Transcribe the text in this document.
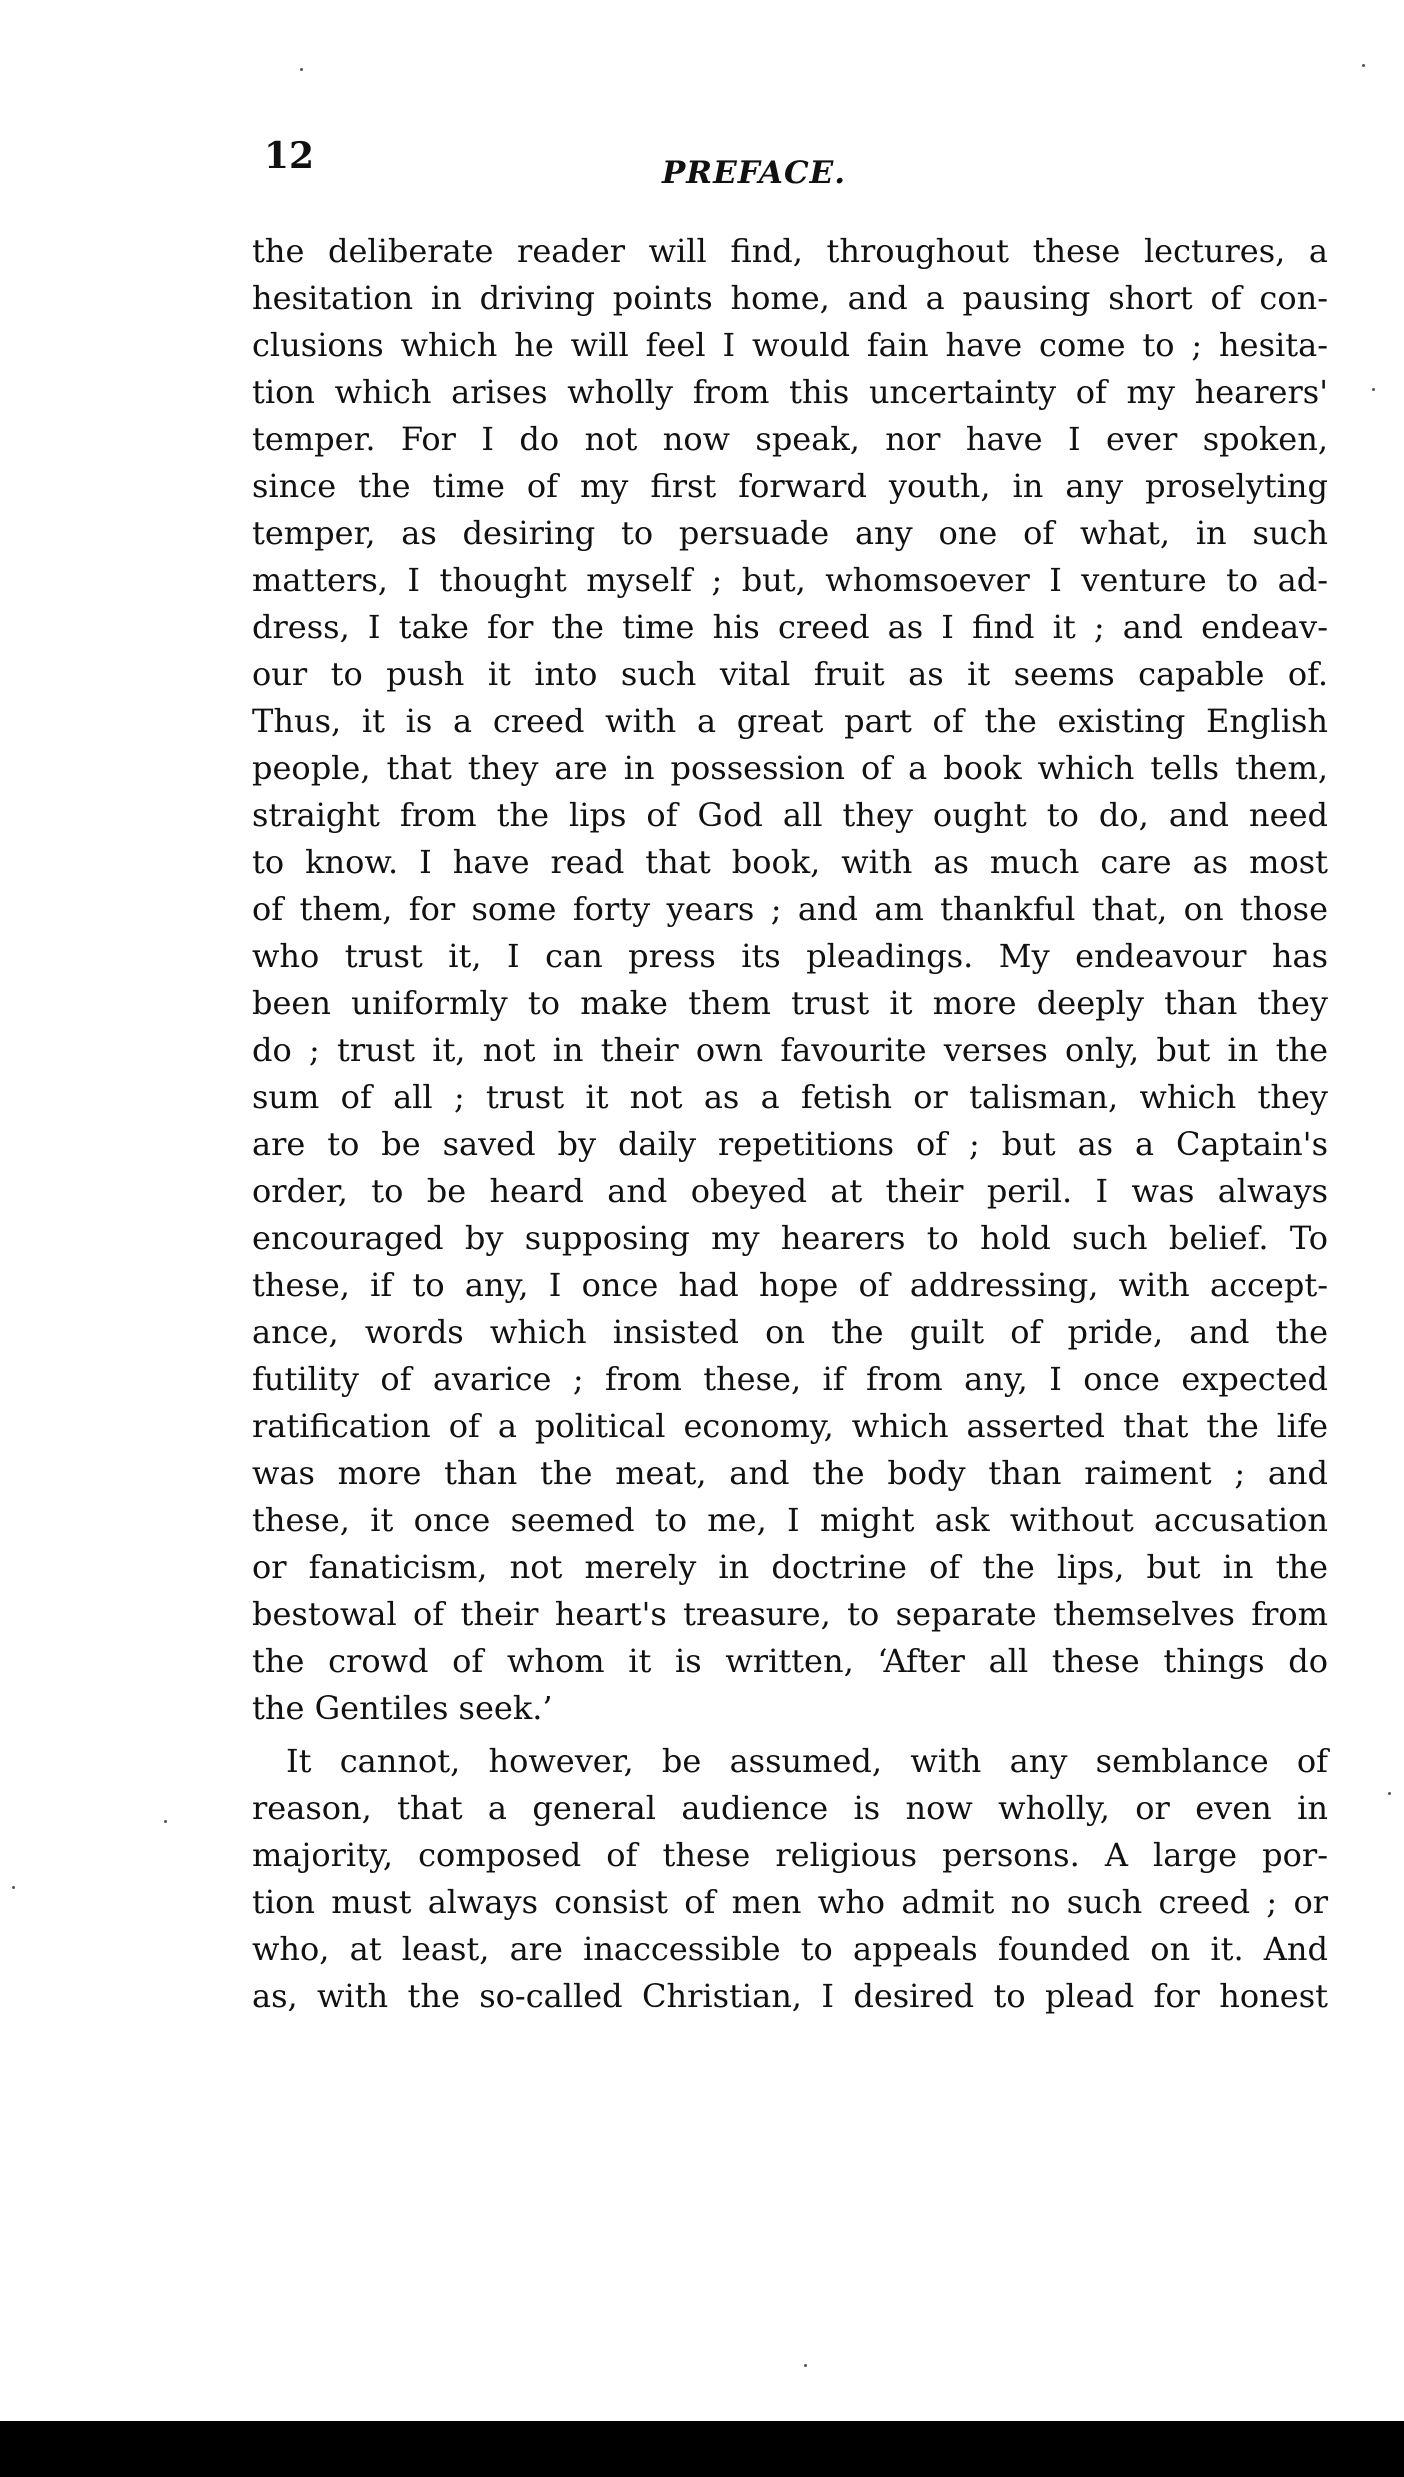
12	PREFACE.
the deliberate reader will find, throughout these lectures, a
hesitation in driving points home, and a pausing short of con-
clusions which he will feel I would fain have come to ; hesita-
tion which arises wholly from this uncertainty of my hearers'
temper. For I do not now speak, nor have I ever spoken,
since the time of my first forward youth, in any proselyting
temper, as desiring to persuade any one of what, in such
matters, I thought myself ; but, whomsoever I venture to ad-
dress, I take for the time his creed as I find it ; and endeav-
our to push it into such vital fruit as it seems capable of.
Thus, it is a creed with a great part of the existing English
people, that they are in possession of a book which tells them,
straight from the lips of God all they ought to do, and need
to know. I have read that book, with as much care as most
of them, for some forty years ; and am thankful that, on those
who trust it, I can press its pleadings. My endeavour has
been uniformly to make them trust it more deeply than they
do ; trust it, not in their own favourite verses only, but in the
sum of all ; trust it not as a fetish or talisman, which they
are to be saved by daily repetitions of ; but as a Captain's
order, to be heard and obeyed at their peril. I was always
encouraged by supposing my hearers to hold such belief. To
these, if to any, I once had hope of addressing, with accept-
ance, words which insisted on the guilt of pride, and the
futility of avarice ; from these, if from any, I once expected
ratification of a political economy, which asserted that the life
was more than the meat, and the body than raiment ; and
these, it once seemed to me, I might ask without accusation
or fanaticism, not merely in doctrine of the lips, but in the
bestowal of their heart's treasure, to separate themselves from
the crowd of whom it is written, ‘After all these things do
the Gentiles seek.’
It cannot, however, be assumed, with any semblance of
reason, that a general audience is now wholly, or even in
majority, composed of these religious persons. A large por-
tion must always consist of men who admit no such creed ; or
who, at least, are inaccessible to appeals founded on it. And
as, with the so-called Christian, I desired to plead for honest
